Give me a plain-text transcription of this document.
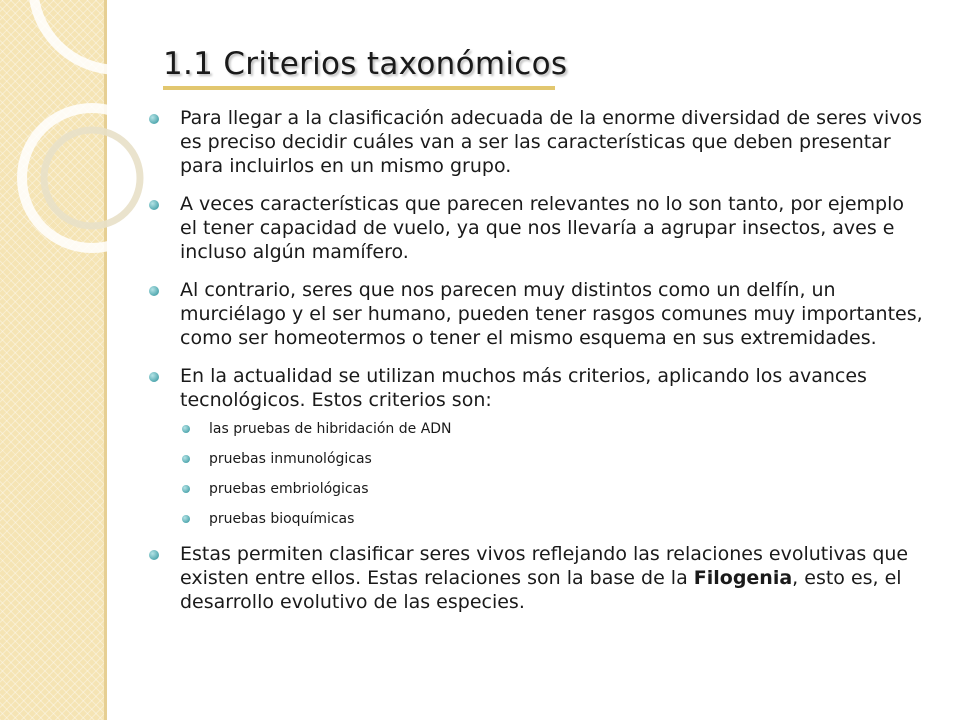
1.1 Criterios taxonómicos
Para llegar a la clasificación adecuada de la enorme diversidad de seres vivos es preciso decidir cuáles van a ser las características que deben presentar para incluirlos en un mismo grupo.
A veces características que parecen relevantes no lo son tanto, por ejemplo el tener capacidad de vuelo, ya que nos llevaría a agrupar insectos, aves e incluso algún mamífero.
Al contrario, seres que nos parecen muy distintos como un delfín, un murciélago y el ser humano, pueden tener rasgos comunes muy importantes, como ser homeotermos o tener el mismo esquema en sus extremidades.
En la actualidad se utilizan muchos más criterios, aplicando los avances tecnológicos. Estos criterios son:
las pruebas de hibridación de ADN
pruebas inmunológicas
pruebas embriológicas
pruebas bioquímicas
Estas permiten clasificar seres vivos reflejando las relaciones evolutivas que existen entre ellos. Estas relaciones son la base de la Filogenia, esto es, el desarrollo evolutivo de las especies.
